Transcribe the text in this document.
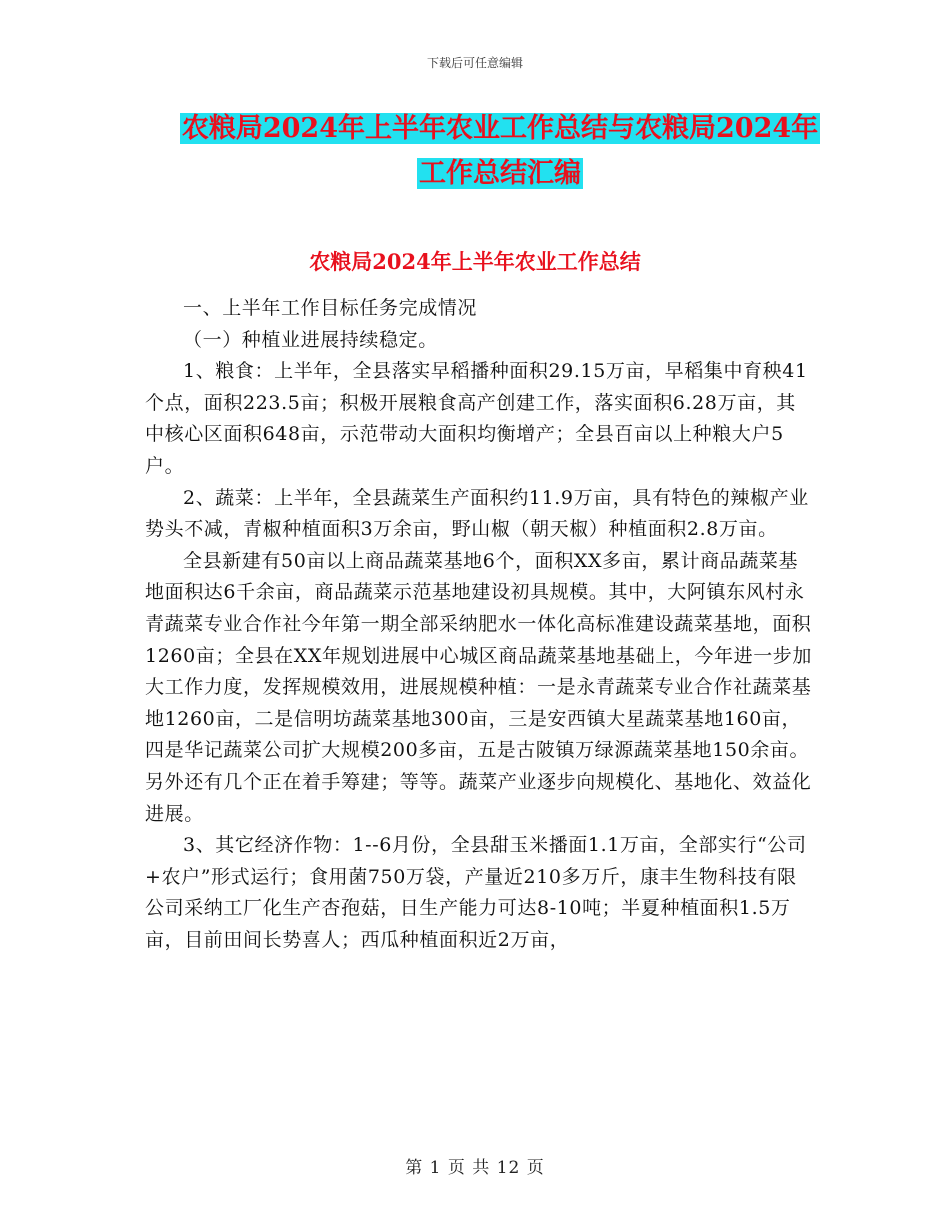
下载后可任意编辑
农粮局2024年上半年农业工作总结与农粮局2024年
工作总结汇编
农粮局2024年上半年农业工作总结

一、上半年工作目标任务完成情况

（一）种植业进展持续稳定。

1、粮食：上半年，全县落实早稻播种面积29.15万亩，早稻集中育秧41个点，面积223.5亩；积极开展粮食高产创建工作，落实面积6.28万亩，其中核心区面积648亩，示范带动大面积均衡增产；全县百亩以上种粮大户5户。

2、蔬菜：上半年，全县蔬菜生产面积约11.9万亩，具有特色的辣椒产业势头不减，青椒种植面积3万余亩，野山椒（朝天椒）种植面积2.8万亩。

全县新建有50亩以上商品蔬菜基地6个，面积XX多亩，累计商品蔬菜基地面积达6千余亩，商品蔬菜示范基地建设初具规模。其中，大阿镇东风村永青蔬菜专业合作社今年第一期全部采纳肥水一体化高标准建设蔬菜基地，面积1260亩；全县在XX年规划进展中心城区商品蔬菜基地基础上，今年进一步加大工作力度，发挥规模效用，进展规模种植：一是永青蔬菜专业合作社蔬菜基地1260亩，二是信明坊蔬菜基地300亩，三是安西镇大星蔬菜基地160亩，四是华记蔬菜公司扩大规模200多亩，五是古陂镇万绿源蔬菜基地150余亩。另外还有几个正在着手筹建；等等。蔬菜产业逐步向规模化、基地化、效益化进展。

3、其它经济作物：1--6月份，全县甜玉米播面1.1万亩，全部实行“公司+农户”形式运行；食用菌750万袋，产量近210多万斤，康丰生物科技有限公司采纳工厂化生产杏孢菇，日生产能力可达8-10吨；半夏种植面积1.5万亩，目前田间长势喜人；西瓜种植面积近2万亩，

第 1 页 共 12 页
